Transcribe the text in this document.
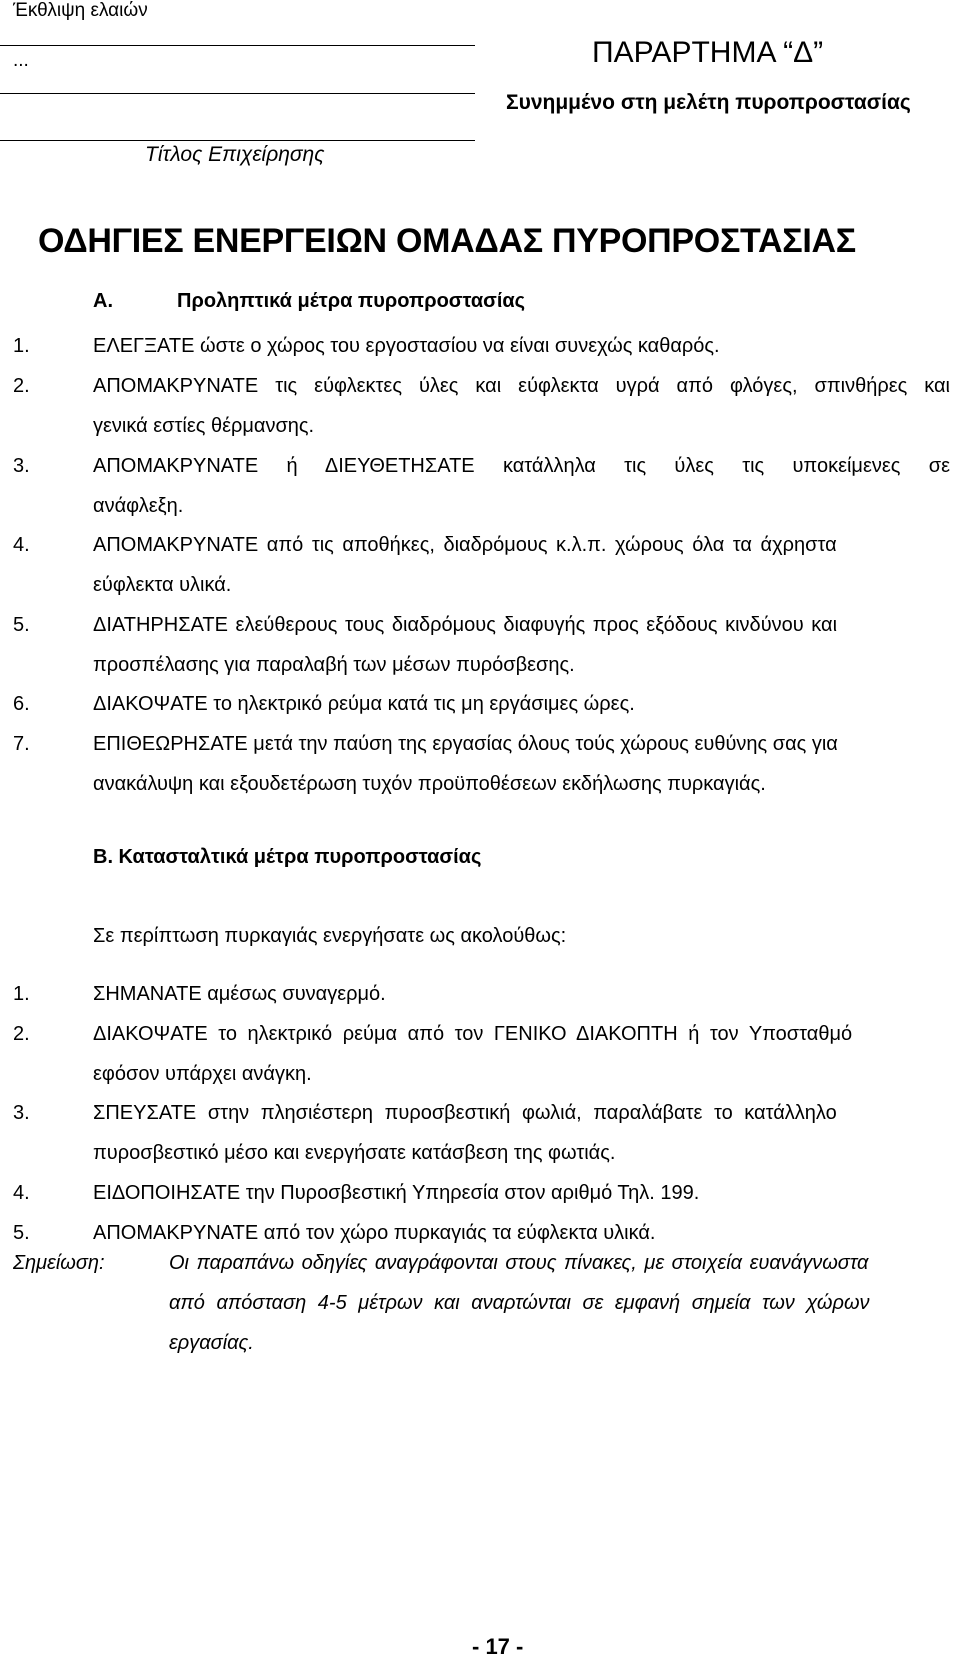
Έκθλιψη ελαιών
...
Τίτλος Επιχείρησης
ΠΑΡΑΡΤΗΜΑ “Δ”
Συνημμένο στη μελέτη πυροπροστασίας
ΟΔΗΓΙΕΣ ΕΝΕΡΓΕΙΩΝ ΟΜΑΔΑΣ ΠΥΡΟΠΡΟΣΤΑΣΙΑΣ
Α.	Προληπτικά μέτρα πυροπροστασίας
1.	ΕΛΕΓΞΑΤΕ ώστε ο χώρος του εργοστασίου να είναι συνεχώς καθαρός.
2.	ΑΠΟΜΑΚΡΥΝΑΤΕ τις εύφλεκτες ύλες και εύφλεκτα υγρά από φλόγες, σπινθήρες και
γενικά εστίες θέρμανσης.
3.	ΑΠΟΜΑΚΡΥΝΑΤΕ ή ΔΙΕΥΘΕΤΗΣΑΤΕ κατάλληλα τις ύλες τις υποκείμενες σε
ανάφλεξη.
4.	ΑΠΟΜΑΚΡΥΝΑΤΕ από τις αποθήκες, διαδρόμους κ.λ.π. χώρους όλα τα άχρηστα
εύφλεκτα υλικά.
5.	ΔΙΑΤΗΡΗΣΑΤΕ ελεύθερους τους διαδρόμους διαφυγής προς εξόδους κινδύνου και
προσπέλασης για παραλαβή των μέσων πυρόσβεσης.
6.	ΔΙΑΚΟΨΑΤΕ το ηλεκτρικό ρεύμα κατά τις μη εργάσιμες ώρες.
7.	ΕΠΙΘΕΩΡΗΣΑΤΕ μετά την παύση της εργασίας όλους τούς χώρους ευθύνης σας για
ανακάλυψη και εξουδετέρωση τυχόν προϋποθέσεων εκδήλωσης πυρκαγιάς.
Β. Κατασταλτικά μέτρα πυροπροστασίας
Σε περίπτωση πυρκαγιάς ενεργήσατε ως ακολούθως:
1.	ΣΗΜΑΝΑΤΕ αμέσως συναγερμό.
2.	ΔΙΑΚΟΨΑΤΕ το ηλεκτρικό ρεύμα από τον ΓΕΝΙΚΟ ΔΙΑΚΟΠΤΗ ή τον Υποσταθμό
εφόσον υπάρχει ανάγκη.
3.	ΣΠΕΥΣΑΤΕ στην πλησιέστερη πυροσβεστική φωλιά, παραλάβατε το κατάλληλο
πυροσβεστικό μέσο και ενεργήσατε κατάσβεση της φωτιάς.
4.	ΕΙΔΟΠΟΙΗΣΑΤΕ την Πυροσβεστική Υπηρεσία στον αριθμό Τηλ. 199.
5.	ΑΠΟΜΑΚΡΥΝΑΤΕ από τον χώρο πυρκαγιάς τα εύφλεκτα υλικά.
Σημείωση:	Οι παραπάνω οδηγίες αναγράφονται στους πίνακες, με στοιχεία ευανάγνωστα
από απόσταση 4-5 μέτρων και αναρτώνται σε εμφανή σημεία των χώρων
εργασίας.
- 17 -
